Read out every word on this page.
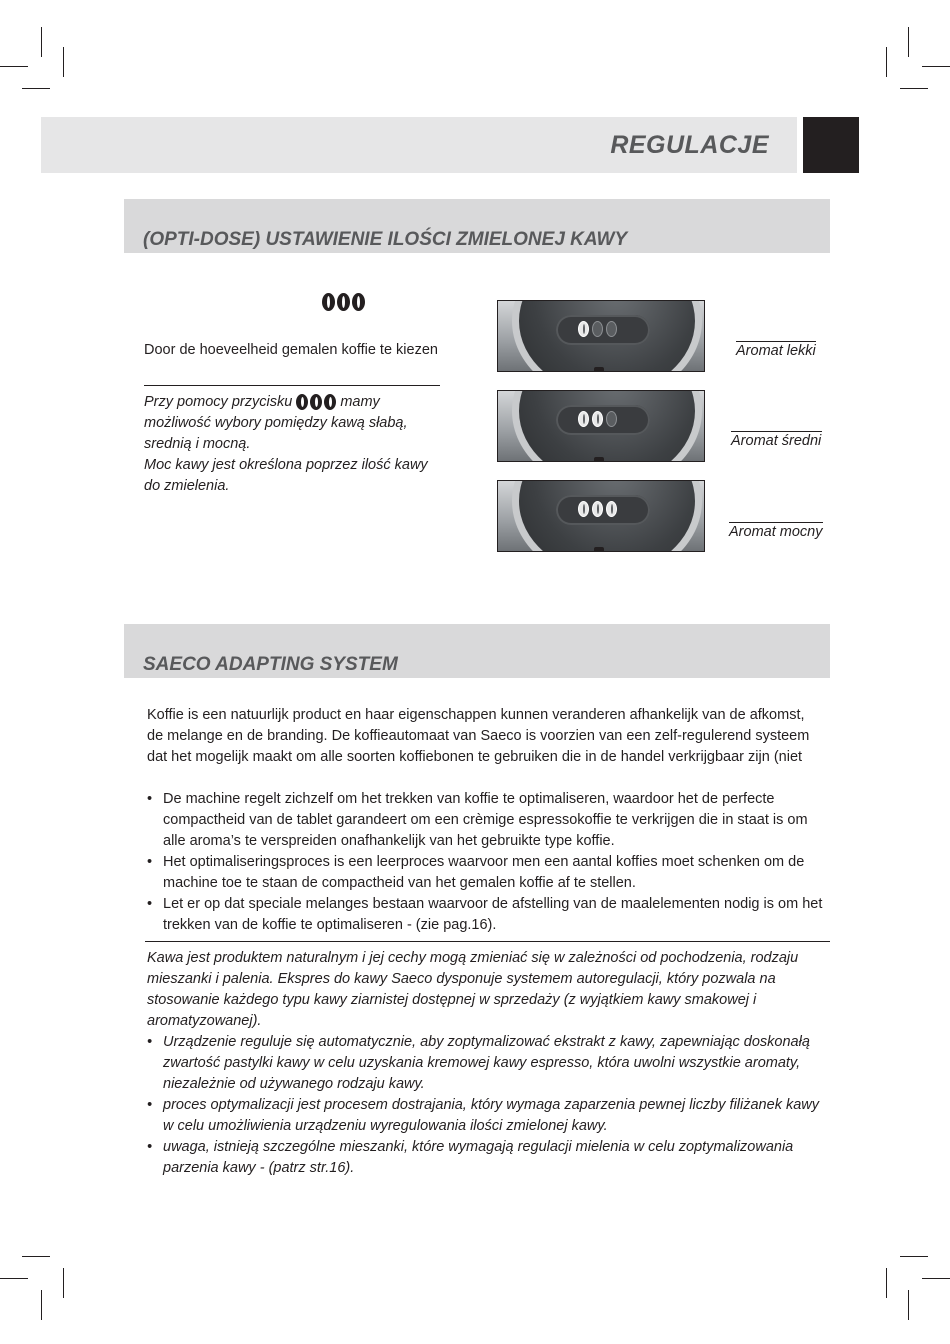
REGULACJE
(OPTI-DOSE) USTAWIENIE ILOŚCI ZMIELONEJ KAWY
Door de hoeveelheid gemalen koffie te kiezen
Przy pomocy przycisku	mamy
możliwość wybory pomiędzy kawą słabą,
srednią i mocną.
Moc kawy jest określona poprzez ilość kawy
do zmielenia.
Aromat lekki
Aromat średni
Aromat mocny
SAECO ADAPTING SYSTEM
Koffie is een natuurlijk product en haar eigenschappen kunnen veranderen afhankelijk van de afkomst,
de melange en de branding. De koffieautomaat van Saeco is voorzien van een zelf-regulerend systeem
dat het mogelijk maakt om alle soorten koffiebonen te gebruiken die in de handel verkrijgbaar zijn (niet
• De machine regelt zichzelf om het trekken van koffie te optimaliseren, waardoor het de perfecte
compactheid van de tablet garandeert om een crèmige espressokoffie te verkrijgen die in staat is om
alle aroma’s te verspreiden onafhankelijk van het gebruikte type koffie.
• Het optimaliseringsproces is een leerproces waarvoor men een aantal koffies moet schenken om de
machine toe te staan de compactheid van het gemalen koffie af te stellen.
• Let er op dat speciale melanges bestaan waarvoor de afstelling van de maalelementen nodig is om het
trekken van de koffie te optimaliseren - (zie pag.16).
Kawa jest produktem naturalnym i jej cechy mogą zmieniać się w zależności od pochodzenia, rodzaju
mieszanki i palenia. Ekspres do kawy Saeco dysponuje systemem autoregulacji, który pozwala na
stosowanie każdego typu kawy ziarnistej dostępnej w sprzedaży (z wyjątkiem kawy smakowej i
aromatyzowanej).
• Urządzenie reguluje się automatycznie, aby zoptymalizować ekstrakt z kawy, zapewniając doskonałą
zwartość pastylki kawy w celu uzyskania kremowej kawy espresso, która uwolni wszystkie aromaty,
niezależnie od używanego rodzaju kawy.
• proces optymalizacji jest procesem dostrajania, który wymaga zaparzenia pewnej liczby filiżanek kawy
w celu umożliwienia urządzeniu wyregulowania ilości zmielonej kawy.
• uwaga, istnieją szczególne mieszanki, które wymagają regulacji mielenia w celu zoptymalizowania
parzenia kawy - (patrz str.16).
